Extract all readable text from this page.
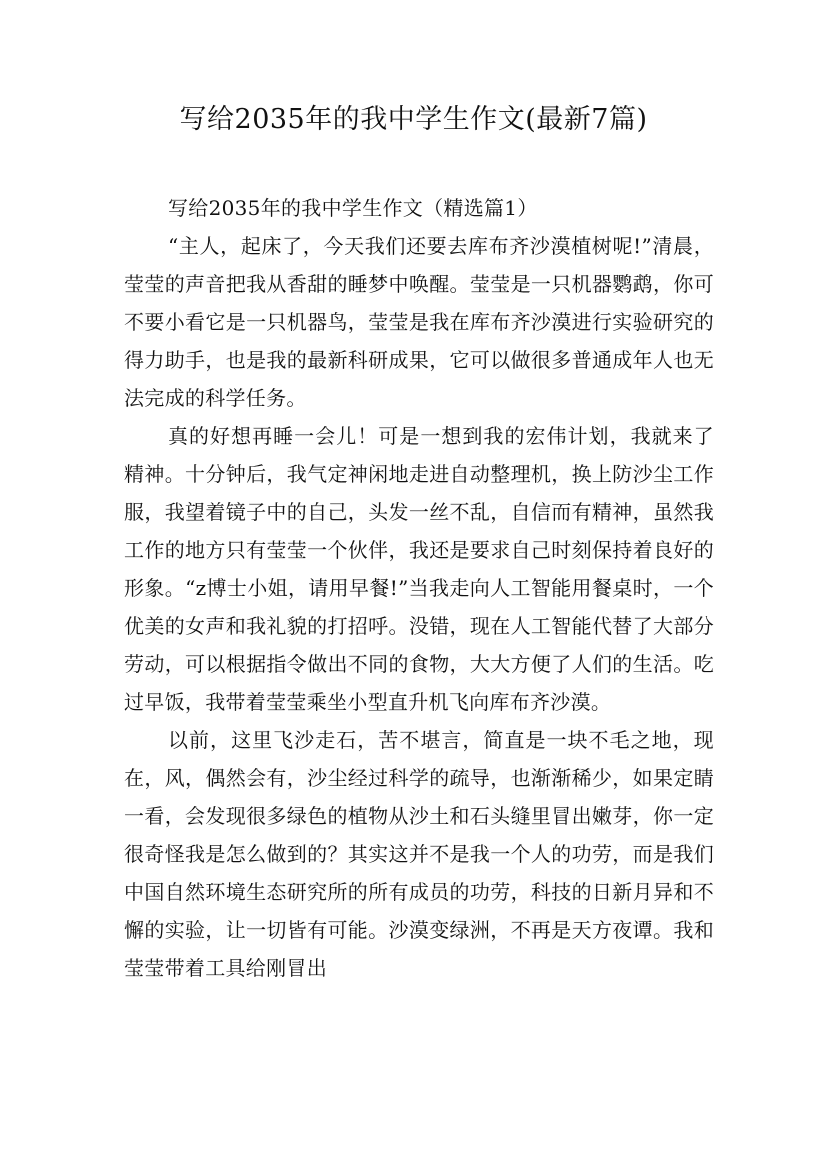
写给2035年的我中学生作文(最新7篇)

写给2035年的我中学生作文（精选篇1）

“主人，起床了，今天我们还要去库布齐沙漠植树呢!”清晨，莹莹的声音把我从香甜的睡梦中唤醒。莹莹是一只机器鹦鹉，你可不要小看它是一只机器鸟，莹莹是我在库布齐沙漠进行实验研究的得力助手，也是我的最新科研成果，它可以做很多普通成年人也无法完成的科学任务。

真的好想再睡一会儿！可是一想到我的宏伟计划，我就来了精神。十分钟后，我气定神闲地走进自动整理机，换上防沙尘工作服，我望着镜子中的自己，头发一丝不乱，自信而有精神，虽然我工作的地方只有莹莹一个伙伴，我还是要求自己时刻保持着良好的形象。“z博士小姐，请用早餐!”当我走向人工智能用餐桌时，一个优美的女声和我礼貌的打招呼。没错，现在人工智能代替了大部分劳动，可以根据指令做出不同的食物，大大方便了人们的生活。吃过早饭，我带着莹莹乘坐小型直升机飞向库布齐沙漠。

以前，这里飞沙走石，苦不堪言，简直是一块不毛之地，现在，风，偶然会有，沙尘经过科学的疏导，也渐渐稀少，如果定睛一看，会发现很多绿色的植物从沙土和石头缝里冒出嫩芽，你一定很奇怪我是怎么做到的？其实这并不是我一个人的功劳，而是我们中国自然环境生态研究所的所有成员的功劳，科技的日新月异和不懈的实验，让一切皆有可能。沙漠变绿洲，不再是天方夜谭。我和莹莹带着工具给刚冒出
